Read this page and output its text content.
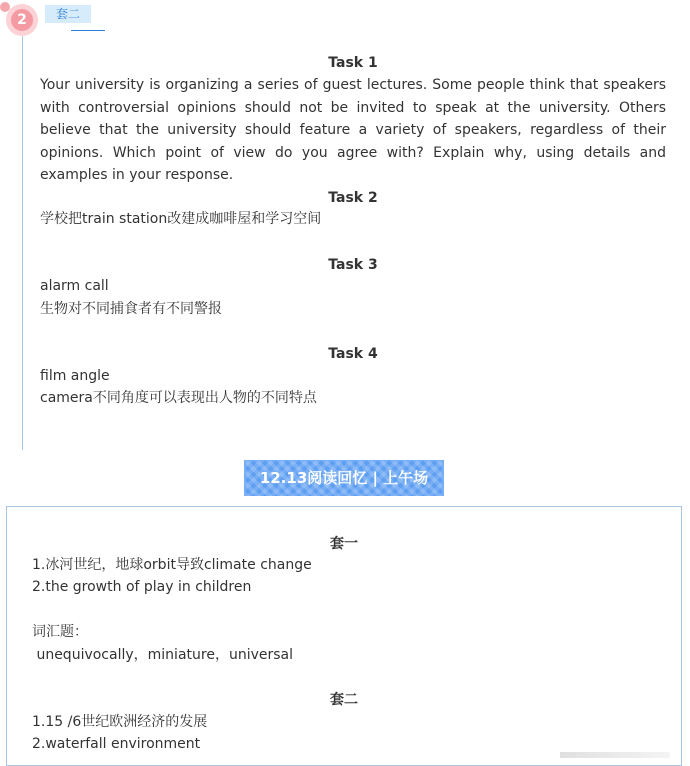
2	套二
Task 1
Your university is organizing a series of guest lectures. Some people think that speakers with controversial opinions should not be invited to speak at the university. Others believe that the university should feature a variety of speakers, regardless of their opinions. Which point of view do you agree with? Explain why, using details and examples in your response.
Task 2
学校把train station改建成咖啡屋和学习空间
Task 3
alarm call
生物对不同捕食者有不同警报
Task 4
film angle
camera不同角度可以表现出人物的不同特点
12.13阅读回忆 | 上午场
套一
1.冰河世纪，地球orbit导致climate change
2.the growth of play in children
词汇题：
unequivocally，miniature，universal
套二
1.15 /6世纪欧洲经济的发展
2.waterfall environment
